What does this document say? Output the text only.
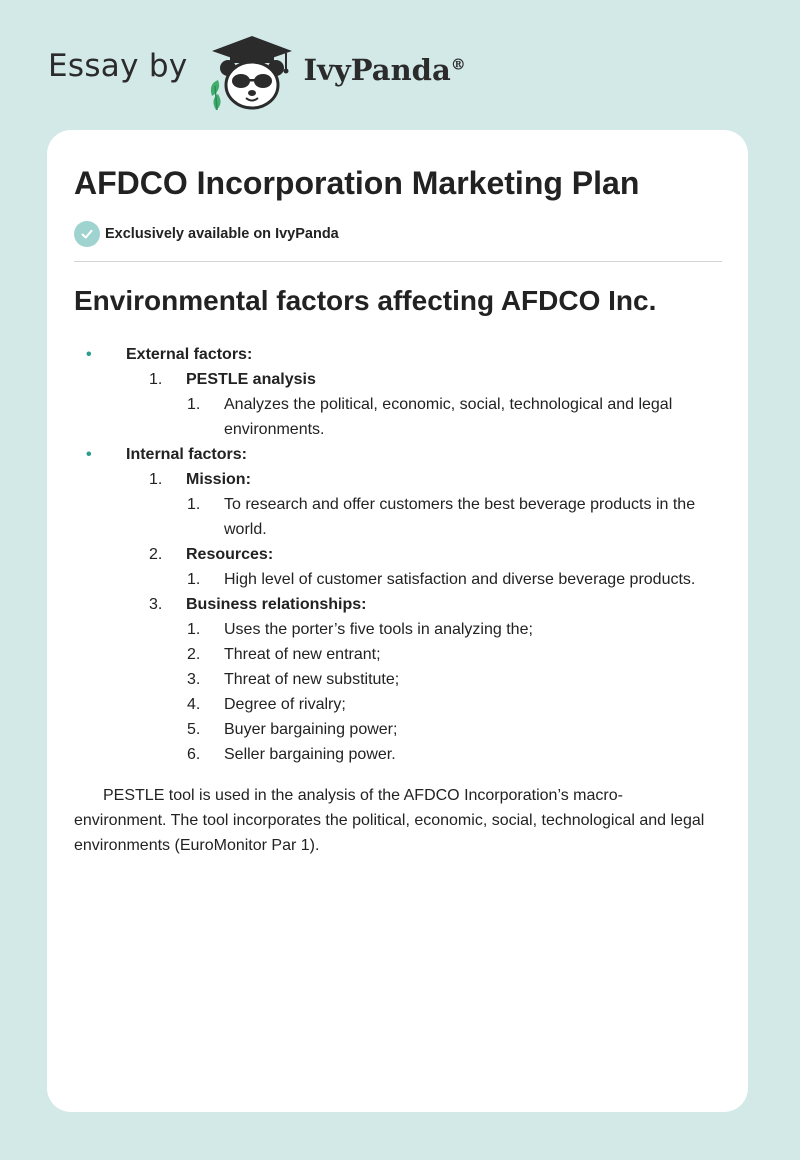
Essay by	IvyPanda®
AFDCO Incorporation Marketing Plan
Exclusively available on IvyPanda
Environmental factors affecting AFDCO Inc.
• External factors:
1. PESTLE analysis
1. Analyzes the political, economic, social, technological and legal
environments.
• Internal factors:
1. Mission:
1. To research and offer customers the best beverage products in the
world.
2. Resources:
1. High level of customer satisfaction and diverse beverage products.
3. Business relationships:
1. Uses the porter’s five tools in analyzing the;
2. Threat of new entrant;
3. Threat of new substitute;
4. Degree of rivalry;
5. Buyer bargaining power;
6. Seller bargaining power.

PESTLE tool is used in the analysis of the AFDCO Incorporation’s macro-environment. The tool incorporates the political, economic, social, technological and legal environments (EuroMonitor Par 1).
